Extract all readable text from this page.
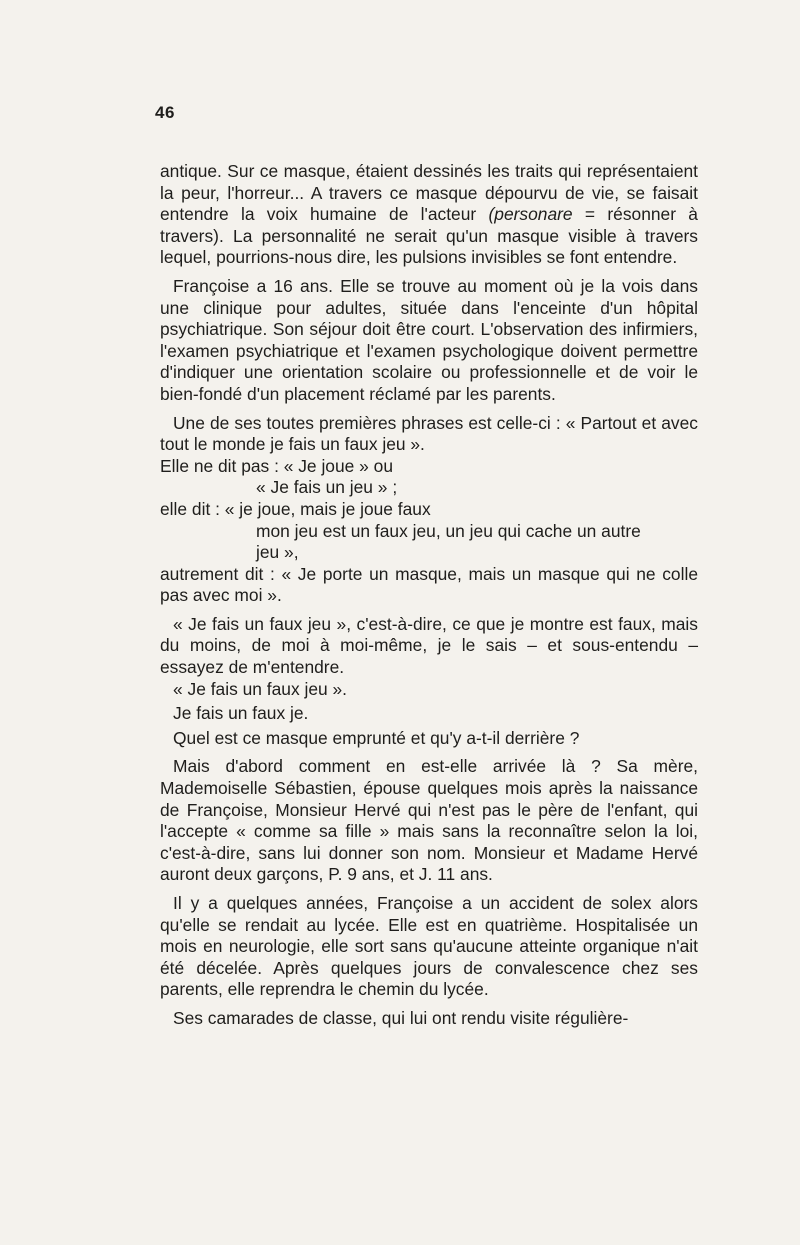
46

antique. Sur ce masque, étaient dessinés les traits qui représentaient la peur, l'horreur... A travers ce masque dépourvu de vie, se faisait entendre la voix humaine de l'acteur (personare = résonner à travers). La personnalité ne serait qu'un masque visible à travers lequel, pourrions-nous dire, les pulsions invisibles se font entendre.

Françoise a 16 ans. Elle se trouve au moment où je la vois dans une clinique pour adultes, située dans l'enceinte d'un hôpital psychiatrique. Son séjour doit être court. L'observation des infirmiers, l'examen psychiatrique et l'examen psychologique doivent permettre d'indiquer une orientation scolaire ou professionnelle et de voir le bien-fondé d'un placement réclamé par les parents.

Une de ses toutes premières phrases est celle-ci : « Partout et avec tout le monde je fais un faux jeu ».

Elle ne dit pas : « Je joue » ou
« Je fais un jeu » ;
elle dit : « je joue, mais je joue faux
mon jeu est un faux jeu, un jeu qui cache un autre
jeu »,

autrement dit : « Je porte un masque, mais un masque qui ne colle pas avec moi ».

« Je fais un faux jeu », c'est-à-dire, ce que je montre est faux, mais du moins, de moi à moi-même, je le sais – et sous-entendu – essayez de m'entendre.

« Je fais un faux jeu ».
Je fais un faux je.
Quel est ce masque emprunté et qu'y a-t-il derrière ?

Mais d'abord comment en est-elle arrivée là ? Sa mère, Mademoiselle Sébastien, épouse quelques mois après la naissance de Françoise, Monsieur Hervé qui n'est pas le père de l'enfant, qui l'accepte « comme sa fille » mais sans la reconnaître selon la loi, c'est-à-dire, sans lui donner son nom. Monsieur et Madame Hervé auront deux garçons, P. 9 ans, et J. 11 ans.

Il y a quelques années, Françoise a un accident de solex alors qu'elle se rendait au lycée. Elle est en quatrième. Hospitalisée un mois en neurologie, elle sort sans qu'aucune atteinte organique n'ait été décelée. Après quelques jours de convalescence chez ses parents, elle reprendra le chemin du lycée.

Ses camarades de classe, qui lui ont rendu visite régulière-
